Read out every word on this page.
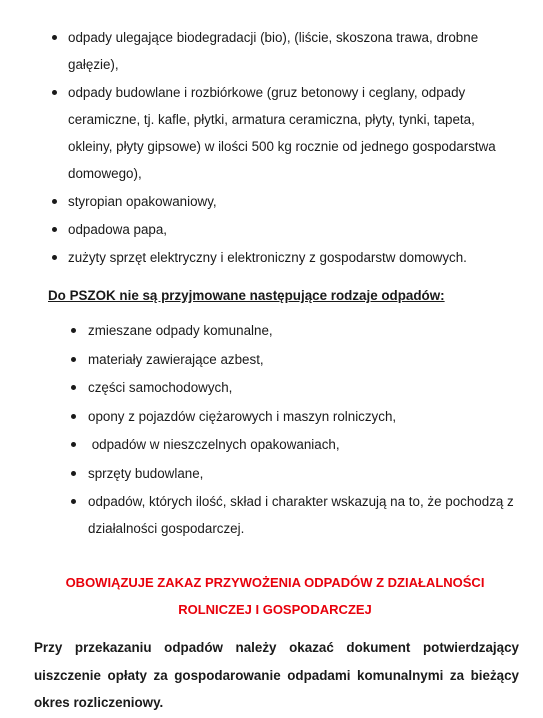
odpady ulegające biodegradacji (bio), (liście, skoszona trawa, drobne gałęzie),
odpady budowlane i rozbiórkowe (gruz betonowy i ceglany, odpady ceramiczne, tj. kafle, płytki, armatura ceramiczna, płyty, tynki, tapeta, okleiny, płyty gipsowe) w ilości 500 kg rocznie od jednego gospodarstwa domowego),
styropian opakowaniowy,
odpadowa papa,
zużyty sprzęt elektryczny i elektroniczny z gospodarstw domowych.
Do PSZOK nie są przyjmowane następujące rodzaje odpadów:
zmieszane odpady komunalne,
materiały zawierające azbest,
części samochodowych,
opony z pojazdów ciężarowych i maszyn rolniczych,
odpadów w nieszczelnych opakowaniach,
sprzęty budowlane,
odpadów, których ilość, skład i charakter wskazują na to, że pochodzą z działalności gospodarczej.
OBOWIĄZUJE ZAKAZ PRZYWOŻENIA ODPADÓW Z DZIAŁALNOŚCI
ROLNICZEJ I GOSPODARCZEJ
Przy przekazaniu odpadów należy okazać dokument potwierdzający uiszczenie opłaty za gospodarowanie odpadami komunalnymi za bieżący okres rozliczeniowy.
